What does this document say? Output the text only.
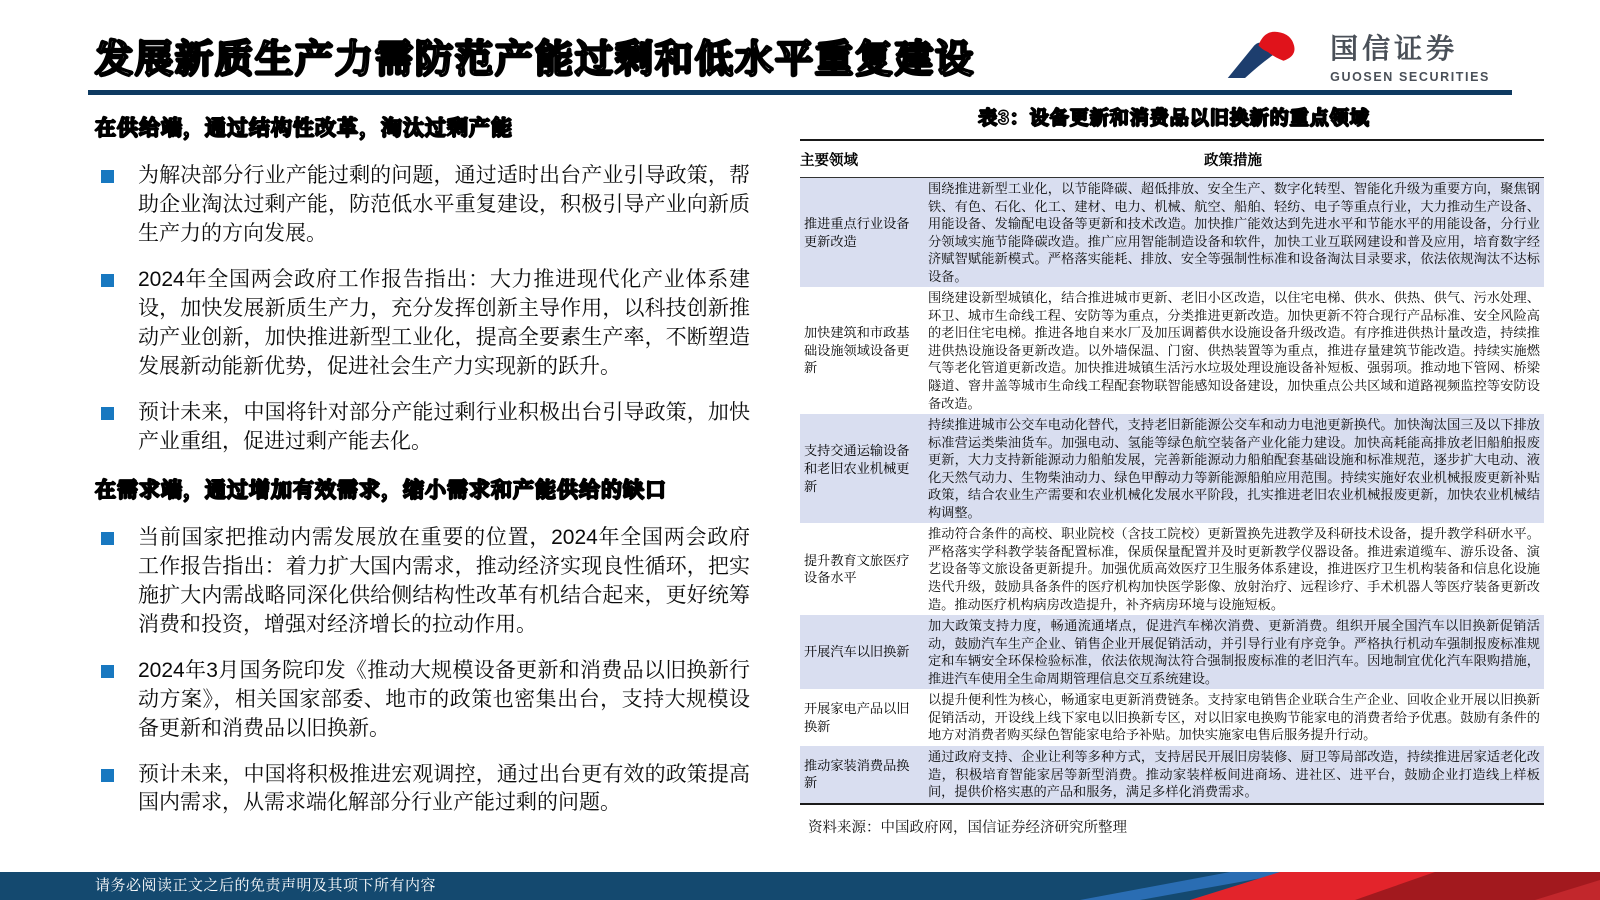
发展新质生产力需防范产能过剩和低水平重复建设	国信证券
GUOSEN SECURITIES
在供给端，通过结构性改革，淘汰过剩产能
为解决部分行业产能过剩的问题，通过适时出台产业引导政策，帮助企业淘汰过剩产能，防范低水平重复建设，积极引导产业向新质生产力的方向发展。
2024年全国两会政府工作报告指出：大力推进现代化产业体系建设，加快发展新质生产力，充分发挥创新主导作用，以科技创新推动产业创新，加快推进新型工业化，提高全要素生产率，不断塑造发展新动能新优势，促进社会生产力实现新的跃升。
预计未来，中国将针对部分产能过剩行业积极出台引导政策，加快产业重组，促进过剩产能去化。
在需求端，通过增加有效需求，缩小需求和产能供给的缺口
当前国家把推动内需发展放在重要的位置，2024年全国两会政府工作报告指出：着力扩大国内需求，推动经济实现良性循环，把实施扩大内需战略同深化供给侧结构性改革有机结合起来，更好统筹消费和投资，增强对经济增长的拉动作用。
2024年3月国务院印发《推动大规模设备更新和消费品以旧换新行动方案》，相关国家部委、地市的政策也密集出台，支持大规模设备更新和消费品以旧换新。
预计未来，中国将积极推进宏观调控，通过出台更有效的政策提高国内需求，从需求端化解部分行业产能过剩的问题。
表3：设备更新和消费品以旧换新的重点领域
主要领域	政策措施
推进重点行业设备更新改造	围绕推进新型工业化，以节能降碳、超低排放、安全生产、数字化转型、智能化升级为重要方向，聚焦钢铁、有色、石化、化工、建材、电力、机械、航空、船舶、轻纺、电子等重点行业，大力推动生产设备、用能设备、发输配电设备等更新和技术改造。加快推广能效达到先进水平和节能水平的用能设备，分行业分领域实施节能降碳改造。推广应用智能制造设备和软件，加快工业互联网建设和普及应用，培育数字经济赋智赋能新模式。严格落实能耗、排放、安全等强制性标准和设备淘汰目录要求，依法依规淘汰不达标设备。
加快建筑和市政基础设施领域设备更新	围绕建设新型城镇化，结合推进城市更新、老旧小区改造，以住宅电梯、供水、供热、供气、污水处理、环卫、城市生命线工程、安防等为重点，分类推进更新改造。加快更新不符合现行产品标准、安全风险高的老旧住宅电梯。推进各地自来水厂及加压调蓄供水设施设备升级改造。有序推进供热计量改造，持续推进供热设施设备更新改造。以外墙保温、门窗、供热装置等为重点，推进存量建筑节能改造。持续实施燃气等老化管道更新改造。加快推进城镇生活污水垃圾处理设施设备补短板、强弱项。推动地下管网、桥梁隧道、窨井盖等城市生命线工程配套物联智能感知设备建设，加快重点公共区域和道路视频监控等安防设备改造。
支持交通运输设备和老旧农业机械更新	持续推进城市公交车电动化替代，支持老旧新能源公交车和动力电池更新换代。加快淘汰国三及以下排放标准营运类柴油货车。加强电动、氢能等绿色航空装备产业化能力建设。加快高耗能高排放老旧船舶报废更新，大力支持新能源动力船舶发展，完善新能源动力船舶配套基础设施和标准规范，逐步扩大电动、液化天然气动力、生物柴油动力、绿色甲醇动力等新能源船舶应用范围。持续实施好农业机械报废更新补贴政策，结合农业生产需要和农业机械化发展水平阶段，扎实推进老旧农业机械报废更新，加快农业机械结构调整。
提升教育文旅医疗设备水平	推动符合条件的高校、职业院校（含技工院校）更新置换先进教学及科研技术设备，提升教学科研水平。严格落实学科教学装备配置标准，保质保量配置并及时更新教学仪器设备。推进索道缆车、游乐设备、演艺设备等文旅设备更新提升。加强优质高效医疗卫生服务体系建设，推进医疗卫生机构装备和信息化设施迭代升级，鼓励具备条件的医疗机构加快医学影像、放射治疗、远程诊疗、手术机器人等医疗装备更新改造。推动医疗机构病房改造提升，补齐病房环境与设施短板。
开展汽车以旧换新	加大政策支持力度，畅通流通堵点，促进汽车梯次消费、更新消费。组织开展全国汽车以旧换新促销活动，鼓励汽车生产企业、销售企业开展促销活动，并引导行业有序竞争。严格执行机动车强制报废标准规定和车辆安全环保检验标准，依法依规淘汰符合强制报废标准的老旧汽车。因地制宜优化汽车限购措施，推进汽车使用全生命周期管理信息交互系统建设。
开展家电产品以旧换新	以提升便利性为核心，畅通家电更新消费链条。支持家电销售企业联合生产企业、回收企业开展以旧换新促销活动，开设线上线下家电以旧换新专区，对以旧家电换购节能家电的消费者给予优惠。鼓励有条件的地方对消费者购买绿色智能家电给予补贴。加快实施家电售后服务提升行动。
推动家装消费品换新	通过政府支持、企业让利等多种方式，支持居民开展旧房装修、厨卫等局部改造，持续推进居家适老化改造，积极培育智能家居等新型消费。推动家装样板间进商场、进社区、进平台，鼓励企业打造线上样板间，提供价格实惠的产品和服务，满足多样化消费需求。
资料来源：中国政府网，国信证券经济研究所整理
请务必阅读正文之后的免责声明及其项下所有内容
